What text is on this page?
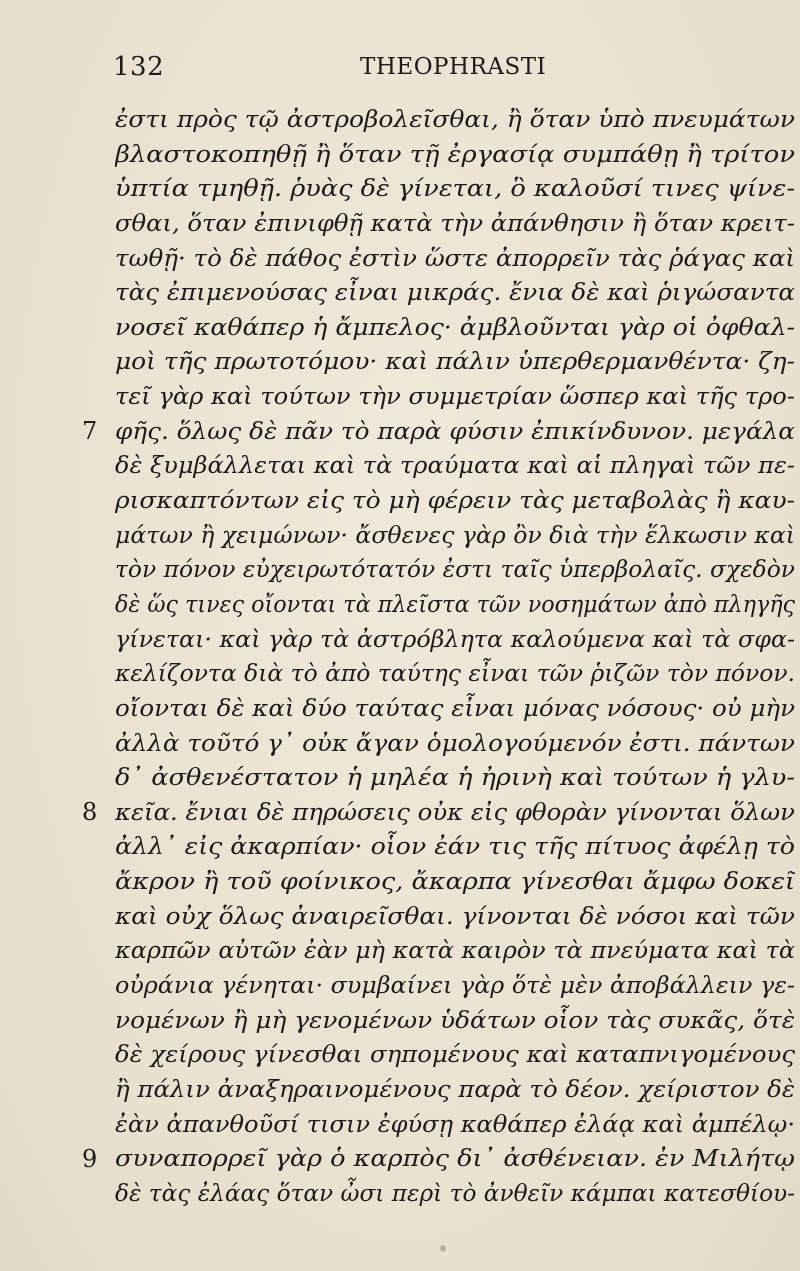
132	THEOPHRASTI
7
8
9
ἐστι πρὸς τῷ ἀστροβολεῖσθαι, ἢ ὅταν ὑπὸ πνευμάτων
βλαστοκοπηθῇ ἢ ὅταν τῇ ἐργασίᾳ συμπάθῃ ἢ τρίτον
ὑπτία τμηθῇ. ῥυὰς δὲ γίνεται, ὃ καλοῦσί τινες ψίνε-
σθαι, ὅταν ἐπινιφθῇ κατὰ τὴν ἀπάνθησιν ἢ ὅταν κρειτ-
τωθῇ· τὸ δὲ πάθος ἐστὶν ὥστε ἀπορρεῖν τὰς ῥάγας καὶ
τὰς ἐπιμενούσας εἶναι μικράς. ἔνια δὲ καὶ ῥιγώσαντα
νοσεῖ καθάπερ ἡ ἄμπελος· ἀμβλοῦνται γὰρ οἱ ὀφθαλ-
μοὶ τῆς πρωτοτόμου· καὶ πάλιν ὑπερθερμανθέντα· ζη-
τεῖ γὰρ καὶ τούτων τὴν συμμετρίαν ὥσπερ καὶ τῆς τρο-
φῆς. ὅλως δὲ πᾶν τὸ παρὰ φύσιν ἐπικίνδυνον. μεγάλα
δὲ ξυμβάλλεται καὶ τὰ τραύματα καὶ αἱ πληγαὶ τῶν πε-
ρισκαπτόντων εἰς τὸ μὴ φέρειν τὰς μεταβολὰς ἢ καυ-
μάτων ἢ χειμώνων· ἄσθενες γὰρ ὂν διὰ τὴν ἕλκωσιν καὶ
τὸν πόνον εὐχειρωτότατόν ἐστι ταῖς ὑπερβολαῖς. σχεδὸν
δὲ ὥς τινες οἴονται τὰ πλεῖστα τῶν νοσημάτων ἀπὸ πληγῆς
γίνεται· καὶ γὰρ τὰ ἀστρόβλητα καλούμενα καὶ τὰ σφα-
κελίζοντα διὰ τὸ ἀπὸ ταύτης εἶναι τῶν ῥιζῶν τὸν πόνον.
οἴονται δὲ καὶ δύο ταύτας εἶναι μόνας νόσους· οὐ μὴν
ἀλλὰ τοῦτό γ᾽ οὐκ ἄγαν ὁμολογούμενόν ἐστι. πάντων
δ᾽ ἀσθενέστατον ἡ μηλέα ἡ ἠρινὴ καὶ τούτων ἡ γλυ-
κεῖα. ἔνιαι δὲ πηρώσεις οὐκ εἰς φθορὰν γίνονται ὅλων
ἀλλ᾽ εἰς ἀκαρπίαν· οἷον ἐάν τις τῆς πίτυος ἀφέλῃ τὸ
ἄκρον ἢ τοῦ φοίνικος, ἄκαρπα γίνεσθαι ἄμφω δοκεῖ
καὶ οὐχ ὅλως ἀναιρεῖσθαι. γίνονται δὲ νόσοι καὶ τῶν
καρπῶν αὐτῶν ἐὰν μὴ κατὰ καιρὸν τὰ πνεύματα καὶ τὰ
οὐράνια γένηται· συμβαίνει γὰρ ὅτὲ μὲν ἀποβάλλειν γε-
νομένων ἢ μὴ γενομένων ὑδάτων οἷον τὰς συκᾶς, ὅτὲ
δὲ χείρους γίνεσθαι σηπομένους καὶ καταπνιγομένους
ἢ πάλιν ἀναξηραινομένους παρὰ τὸ δέον. χείριστον δὲ
ἐὰν ἀπανθοῦσί τισιν ἐφύσῃ καθάπερ ἐλάᾳ καὶ ἀμπέλῳ·
συναπορρεῖ γὰρ ὁ καρπὸς δι᾽ ἀσθένειαν. ἐν Μιλήτῳ
δὲ τὰς ἐλάας ὅταν ὦσι περὶ τὸ ἀνθεῖν κάμπαι κατεσθίου-
